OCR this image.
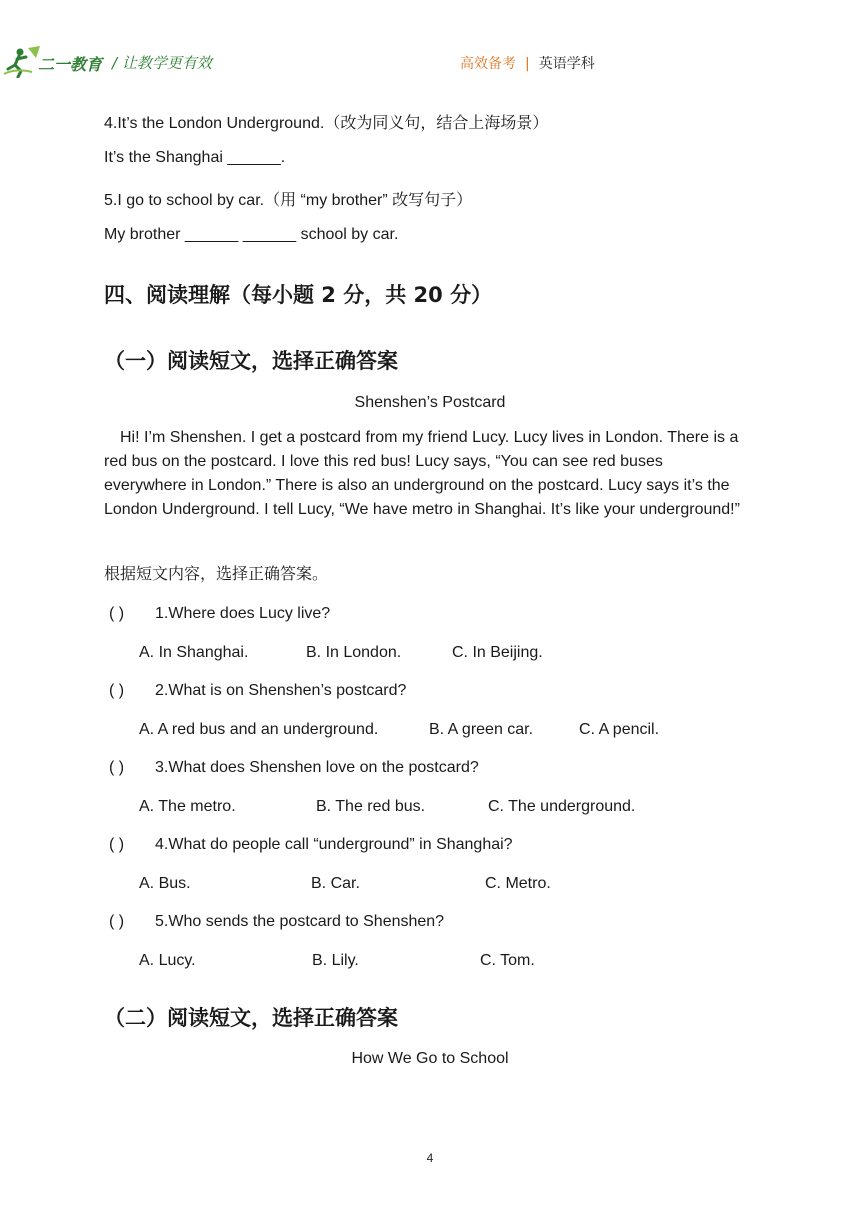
二一教育 / 让教学更有效	高效备考 | 英语学科
4.It’s the London Underground.（改为同义句，结合上海场景）
It’s the Shanghai ______.
5.I go to school by car.（用 “my brother” 改写句子）
My brother ______ ______ school by car.
四、阅读理解（每小题 2 分，共 20 分）
（一）阅读短文，选择正确答案
Shenshen’s Postcard
Hi! I’m Shenshen. I get a postcard from my friend Lucy. Lucy lives in London. There is a red bus on the postcard. I love this red bus! Lucy says, “You can see red buses everywhere in London.” There is also an underground on the postcard. Lucy says it’s the London Underground. I tell Lucy, “We have metro in Shanghai. It’s like your underground!”
根据短文内容，选择正确答案。
( ) 1.Where does Lucy live?
A. In Shanghai.	B. In London.	C. In Beijing.
( ) 2.What is on Shenshen’s postcard?
A. A red bus and an underground.	B. A green car.	C. A pencil.
( ) 3.What does Shenshen love on the postcard?
A. The metro.	B. The red bus.	C. The underground.
( ) 4.What do people call “underground” in Shanghai?
A. Bus.	B. Car.	C. Metro.
( ) 5.Who sends the postcard to Shenshen?
A. Lucy.	B. Lily.	C. Tom.
（二）阅读短文，选择正确答案
How We Go to School
4
